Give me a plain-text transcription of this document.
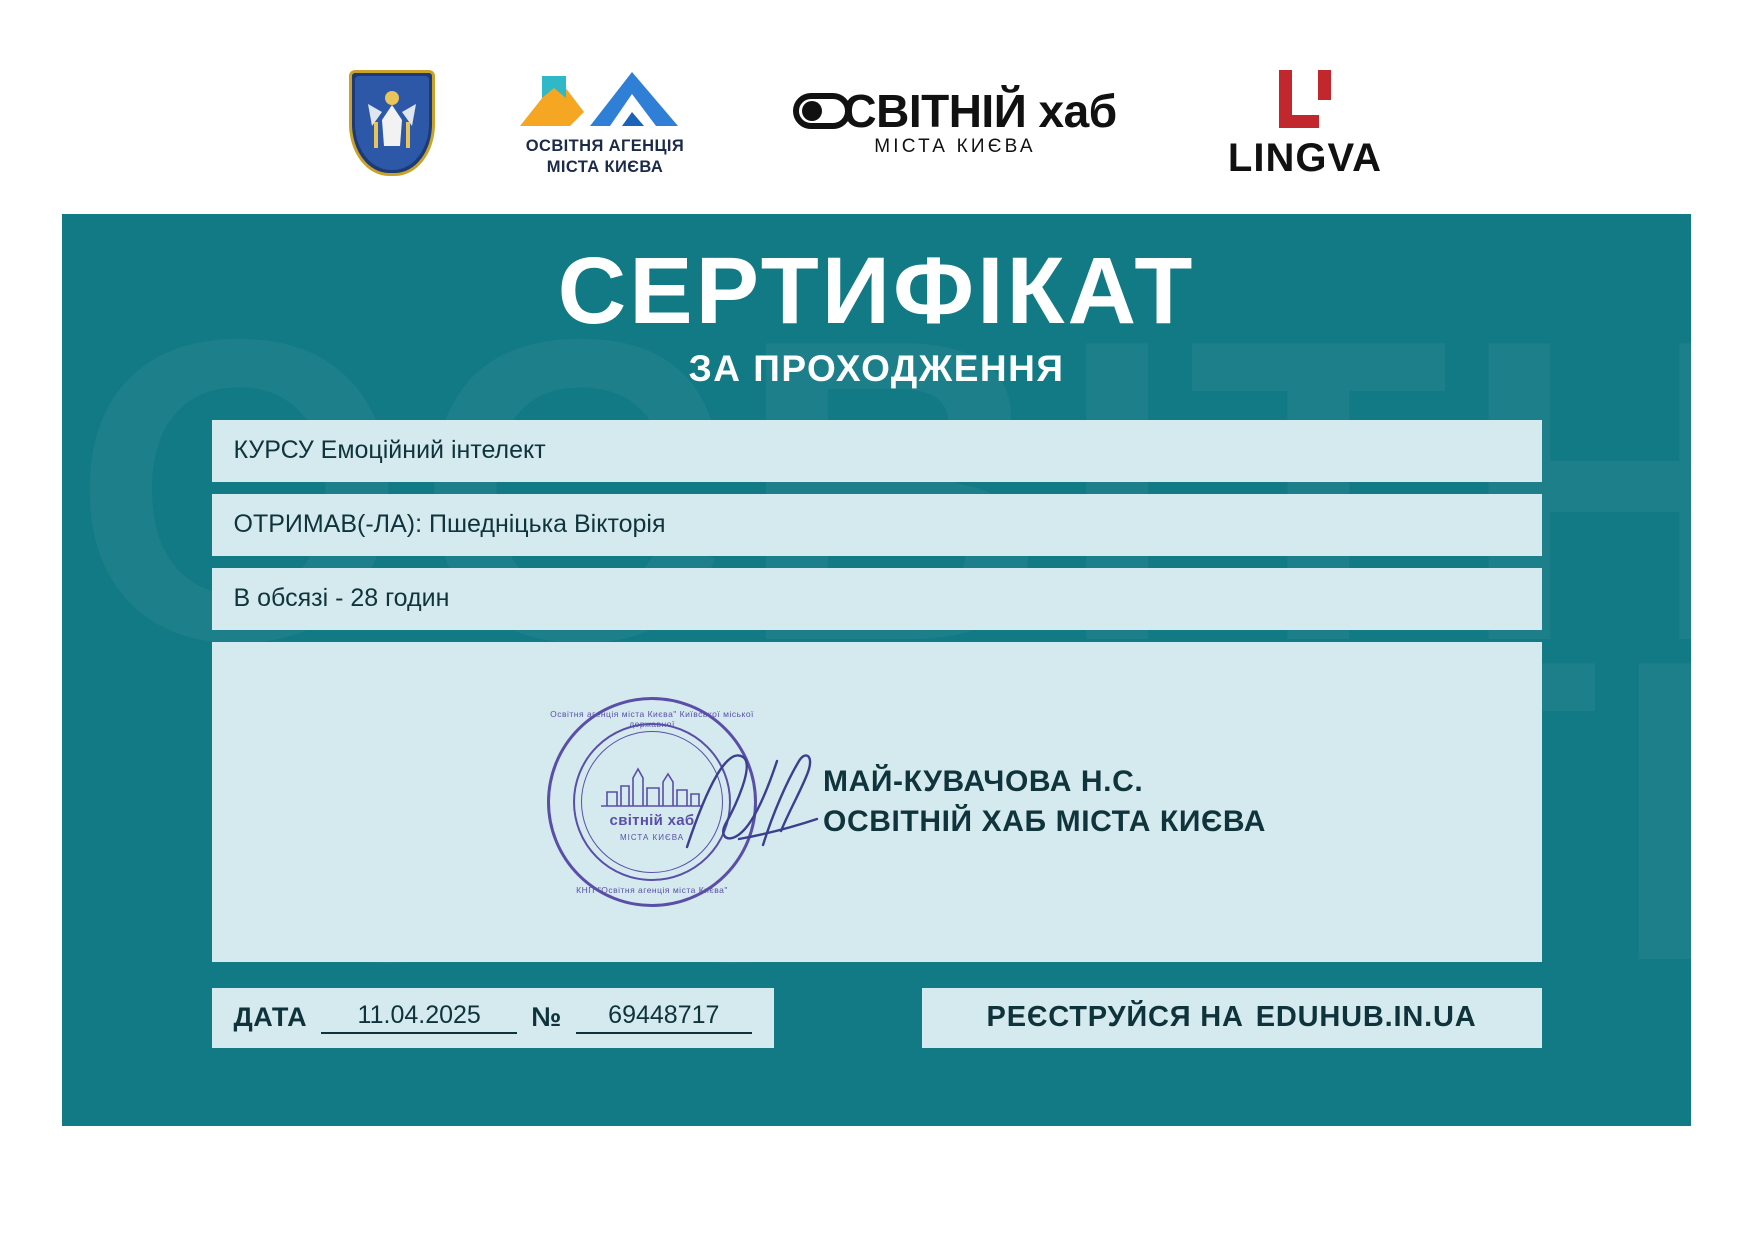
ОСВІТНЯ АГЕНЦІЯ
МІСТА КИЄВА
СВІТНІЙ хаб
МІСТА КИЄВА	LINGVA
СЕРТИФІКАТ
ЗА ПРОХОДЖЕННЯ
КУРСУ Емоційний інтелект
ОТРИМАВ(-ЛА): Пшедніцька Вікторія
В обсязі - 28 годин
Освітня агенція міста Києва" Київської міської державної
КНП "Освітня агенція міста Києва"
світній хаб
МІСТА КИЄВА
МАЙ-КУВАЧОВА Н.С.
ОСВІТНІЙ ХАБ МІСТА КИЄВА
ДАТА	11.04.2025	№	69448717	РЕЄСТРУЙСЯ НА EDUHUB.IN.UA
